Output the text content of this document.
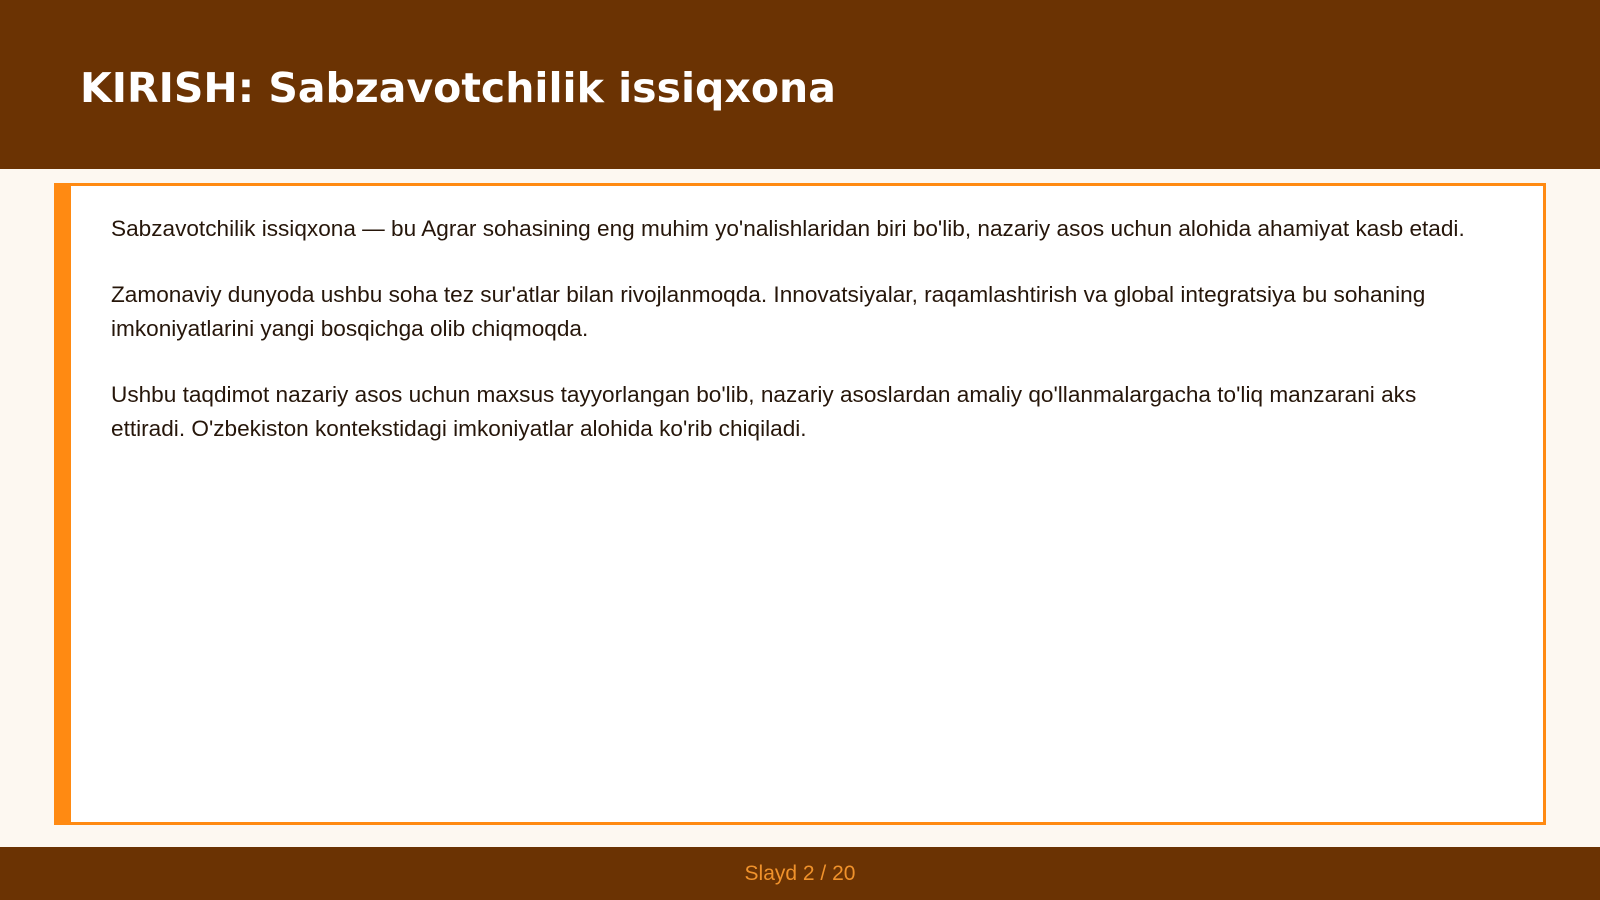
KIRISH: Sabzavotchilik issiqxona

Sabzavotchilik issiqxona — bu Agrar sohasining eng muhim yo'nalishlaridan biri bo'lib, nazariy asos uchun alohida ahamiyat kasb etadi.

Zamonaviy dunyoda ushbu soha tez sur'atlar bilan rivojlanmoqda. Innovatsiyalar, raqamlashtirish va global integratsiya bu sohaning imkoniyatlarini yangi bosqichga olib chiqmoqda.

Ushbu taqdimot nazariy asos uchun maxsus tayyorlangan bo'lib, nazariy asoslardan amaliy qo'llanmalargacha to'liq manzarani aks ettiradi. O'zbekiston kontekstidagi imkoniyatlar alohida ko'rib chiqiladi.

Slayd 2 / 20
